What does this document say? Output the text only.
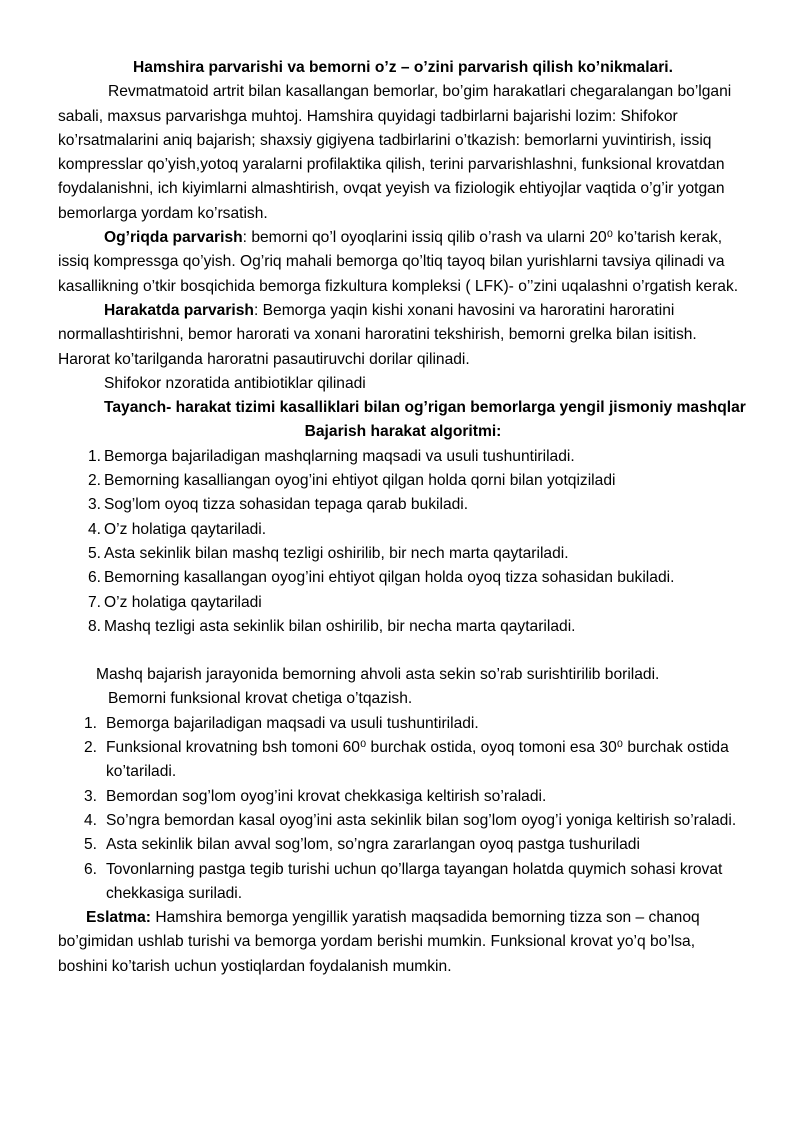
Hamshira parvarishi va bemorni o’z – o’zini parvarish qilish ko’nikmalari.

Revmatmatoid artrit bilan kasallangan bemorlar, bo’gim harakatlari chegaralangan bo’lgani sabali, maxsus parvarishga muhtoj. Hamshira quyidagi tadbirlarni bajarishi lozim: Shifokor ko’rsatmalarini aniq bajarish; shaxsiy gigiyena tadbirlarini o’tkazish: bemorlarni yuvintirish, issiq kompresslar qo’yish,yotoq yaralarni profilaktika qilish, terini parvarishlashni, funksional krovatdan foydalanishni, ich kiyimlarni almashtirish, ovqat yeyish va fiziologik ehtiyojlar vaqtida o’g’ir yotgan bemorlarga yordam ko’rsatish.

Og’riqda parvarish: bemorni qo’l oyoqlarini issiq qilib o’rash va ularni 20⁰ ko’tarish kerak, issiq kompressga qo’yish. Og’riq mahali bemorga qo’ltiq tayoq bilan yurishlarni tavsiya qilinadi va kasallikning o’tkir bosqichida bemorga fizkultura kompleksi ( LFK)- o’’zini uqalashni o’rgatish kerak.

Harakatda parvarish: Bemorga yaqin kishi xonani havosini va haroratini haroratini normallashtirishni, bemor harorati va xonani haroratini tekshirish, bemorni grelka bilan isitish. Harorat ko’tarilganda haroratni pasautiruvchi dorilar qilinadi.

Shifokor nzoratida antibiotiklar qilinadi

Tayanch- harakat tizimi kasalliklari bilan og’rigan bemorlarga yengil jismoniy mashqlar

Bajarish harakat algoritmi:

1. Bemorga bajariladigan mashqlarning maqsadi va usuli tushuntiriladi.
2. Bemorning kasalliangan oyog’ini ehtiyot qilgan holda qorni bilan yotqiziladi
3. Sog’lom oyoq tizza sohasidan tepaga qarab bukiladi.
4. O’z holatiga qaytariladi.
5. Asta sekinlik bilan mashq tezligi oshirilib, bir nech marta qaytariladi.
6. Bemorning kasallangan oyog’ini ehtiyot qilgan holda oyoq tizza sohasidan bukiladi.
7. O’z holatiga qaytariladi
8. Mashq tezligi asta sekinlik bilan oshirilib, bir necha marta qaytariladi.

Mashq bajarish jarayonida bemorning ahvoli asta sekin so’rab surishtirilib boriladi.

Bemorni funksional krovat chetiga o’tqazish.

1. Bemorga bajariladigan maqsadi va usuli tushuntiriladi.
2. Funksional krovatning bsh tomoni 60⁰ burchak ostida, oyoq tomoni esa 30⁰ burchak ostida ko’tariladi.
3. Bemordan sog’lom oyog’ini krovat chekkasiga keltirish so’raladi.
4. So’ngra bemordan kasal oyog’ini asta sekinlik bilan sog’lom oyog’i yoniga keltirish so’raladi.
5. Asta sekinlik bilan avval sog’lom, so’ngra zararlangan oyoq pastga tushuriladi
6. Tovonlarning pastga tegib turishi uchun qo’llarga tayangan holatda quymich sohasi krovat chekkasiga suriladi.

Eslatma: Hamshira bemorga yengillik yaratish maqsadida bemorning tizza son – chanoq bo’gimidan ushlab turishi va bemorga yordam berishi mumkin. Funksional krovat yo’q bo’lsa, boshini ko’tarish uchun yostiqlardan foydalanish mumkin.
